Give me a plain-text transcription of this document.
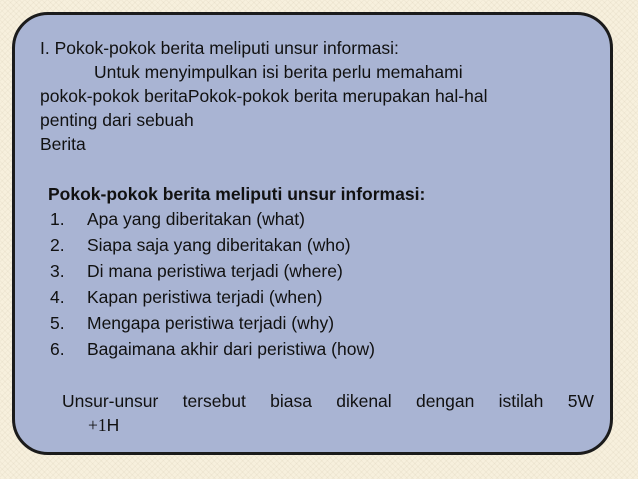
I. Pokok-pokok berita meliputi unsur informasi:
Untuk menyimpulkan isi berita perlu memahami
pokok-pokok beritaPokok-pokok berita merupakan hal-hal
penting dari sebuah
Berita
Pokok-pokok berita meliputi unsur informasi:
1. Apa yang diberitakan (what)
2. Siapa saja yang diberitakan (who)
3. Di mana peristiwa terjadi (where)
4. Kapan peristiwa terjadi (when)
5. Mengapa peristiwa terjadi (why)
6. Bagaimana akhir dari peristiwa (how)
Unsur-unsur tersebut biasa dikenal dengan istilah 5W
+1H
